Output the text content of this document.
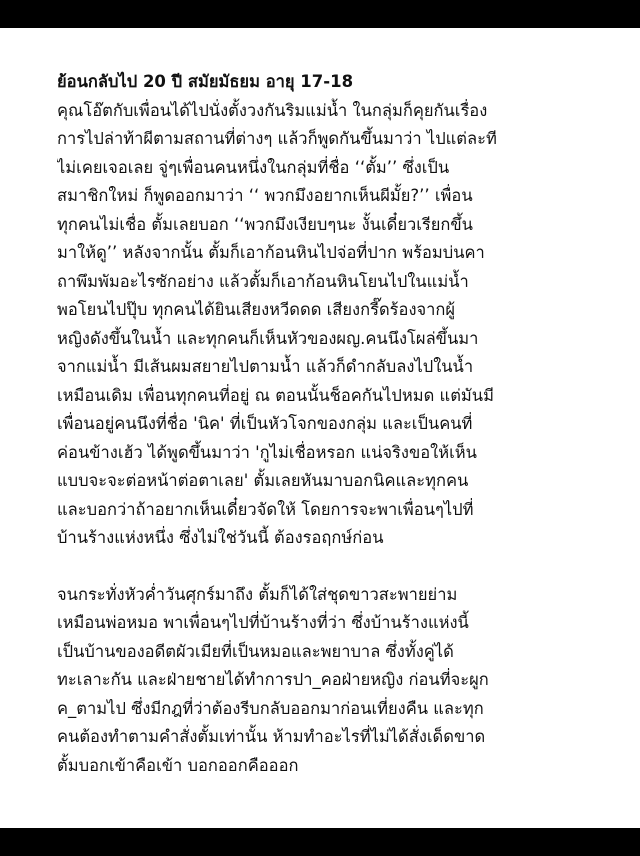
ย้อนกลับไป 20 ปี สมัยมัธยม อายุ 17-18
คุณโอ๊ตกับเพื่อนได้ไปนั่งตั้งวงกันริมแม่น้ำ ในกลุ่มก็คุยกันเรื่อง
การไปล่าท้าผีตามสถานที่ต่างๆ แล้วก็พูดกันขึ้นมาว่า ไปแต่ละที
ไม่เคยเจอเลย จู่ๆเพื่อนคนหนึ่งในกลุ่มที่ชื่อ ‘‘ตั้ม’’ ซึ่งเป็น
สมาชิกใหม่ ก็พูดออกมาว่า ‘‘ พวกมึงอยากเห็นผีมั้ย?’’ เพื่อน
ทุกคนไม่เชื่อ ตั้มเลยบอก ‘‘พวกมึงเงียบๆนะ งั้นเดี๋ยวเรียกขึ้น
มาให้ดู’’ หลังจากนั้น ตั้มก็เอาก้อนหินไปจ่อที่ปาก พร้อมบ่นคา
ถาพึมพัมอะไรซักอย่าง แล้วตั้มก็เอาก้อนหินโยนไปในแม่น้ำ
พอโยนไปปุ๊บ ทุกคนได้ยินเสียงหวีดดด เสียงกรี๊ดร้องจากผู้
หญิงดังขึ้นในน้ำ และทุกคนก็เห็นหัวของผญ.คนนึงโผล่ขึ้นมา
จากแม่น้ำ มีเส้นผมสยายไปตามน้ำ แล้วก็ดำกลับลงไปในน้ำ
เหมือนเดิม เพื่อนทุกคนที่อยู่ ณ ตอนนั้นช็อคกันไปหมด แต่มันมี
เพื่อนอยู่คนนึงที่ชื่อ 'นิค' ที่เป็นหัวโจกของกลุ่ม และเป็นคนที่
ค่อนข้างเฮ้ว ได้พูดขึ้นมาว่า 'กูไม่เชื่อหรอก แน่จริงขอให้เห็น
แบบจะจะต่อหน้าต่อตาเลย' ตั้มเลยหันมาบอกนิคและทุกคน
และบอกว่าถ้าอยากเห็นเดี๋ยวจัดให้ โดยการจะพาเพื่อนๆไปที่
บ้านร้างแห่งหนึ่ง ซึ่งไม่ใช่วันนี้ ต้องรอฤกษ์ก่อน
จนกระทั่งหัวค่ำวันศุกร์มาถึง ตั้มก็ได้ใส่ชุดขาวสะพายย่าม
เหมือนพ่อหมอ พาเพื่อนๆไปที่บ้านร้างที่ว่า ซึ่งบ้านร้างแห่งนี้
เป็นบ้านของอดีตผัวเมียที่เป็นหมอและพยาบาล ซึ่งทั้งคู่ได้
ทะเลาะกัน และฝ่ายชายได้ทำการปา_คอฝ่ายหญิง ก่อนที่จะผูก
ค_ตามไป ซึ่งมีกฎที่ว่าต้องรีบกลับออกมาก่อนเที่ยงคืน และทุก
คนต้องทำตามคำสั่งตั้มเท่านั้น ห้ามทำอะไรที่ไม่ได้สั่งเด็ดขาด
ตั้มบอกเข้าคือเข้า บอกออกคือออก
